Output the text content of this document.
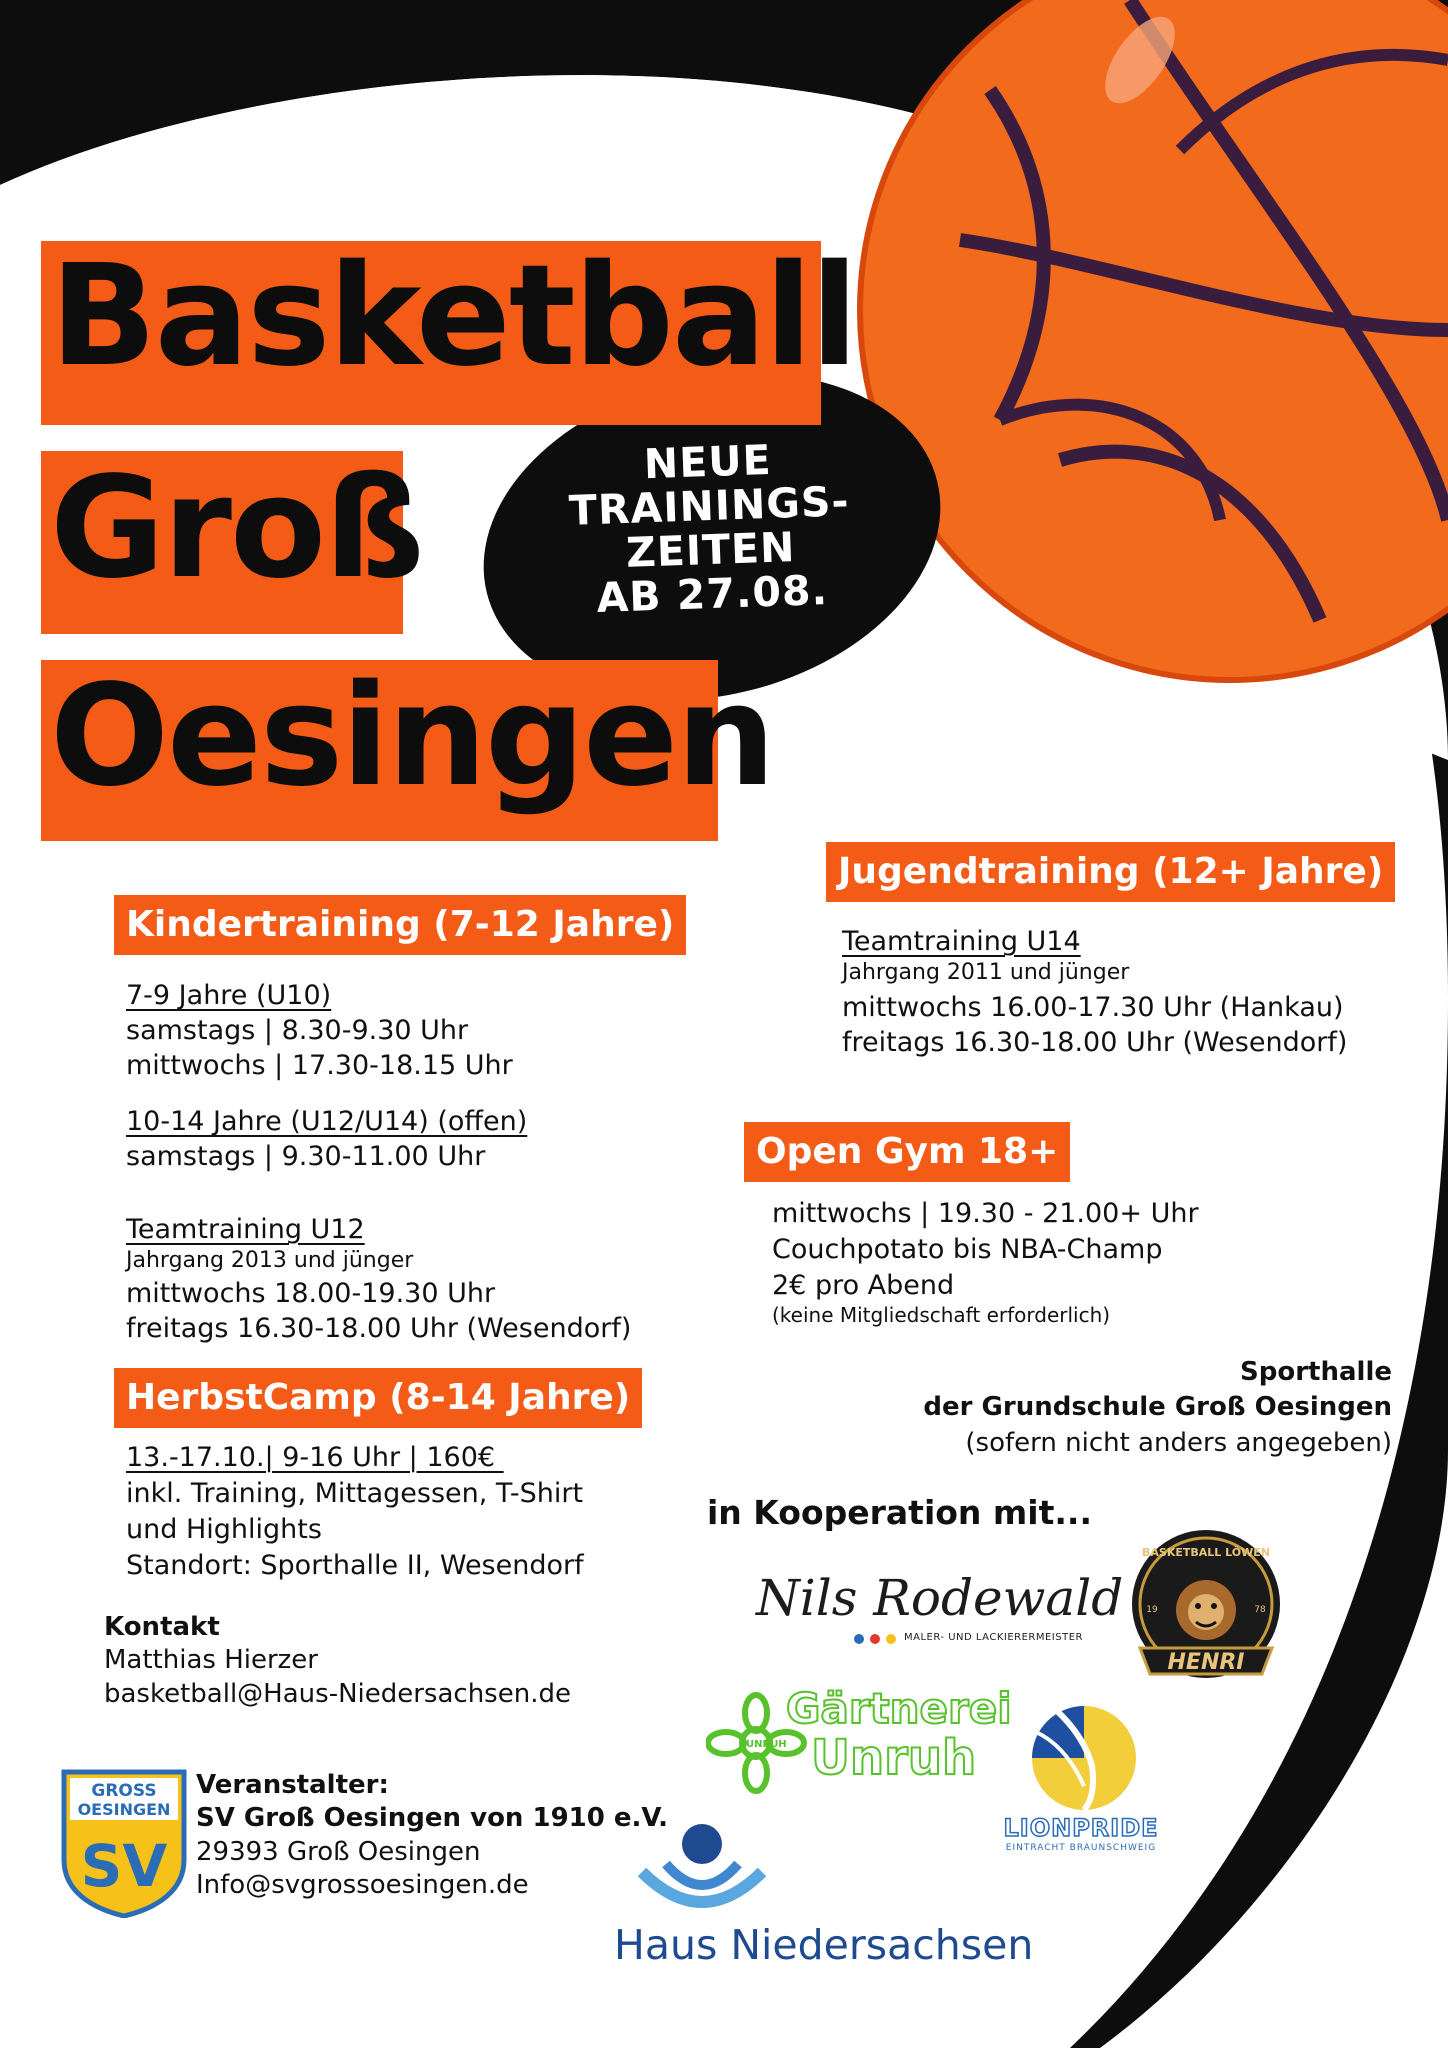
Basketball
Groß
Oesingen
NEUE
TRAININGS-
ZEITEN
AB 27.08.
Kindertraining (7-12 Jahre)
7-9 Jahre (U10)
samstags | 8.30-9.30 Uhr
mittwochs | 17.30-18.15 Uhr
10-14 Jahre (U12/U14) (offen)
samstags | 9.30-11.00 Uhr
Teamtraining U12
Jahrgang 2013 und jünger
mittwochs 18.00-19.30 Uhr
freitags 16.30-18.00 Uhr (Wesendorf)
HerbstCamp (8-14 Jahre)
13.-17.10.| 9-16 Uhr | 160€
inkl. Training, Mittagessen, T-Shirt
und Highlights
Standort: Sporthalle II, Wesendorf
Kontakt
Matthias Hierzer
basketball@Haus-Niedersachsen.de
GROSS
OESINGEN
SV
Veranstalter:
SV Groß Oesingen von 1910 e.V.
29393 Groß Oesingen
Info@svgrossoesingen.de
Jugendtraining (12+ Jahre)
Teamtraining U14
Jahrgang 2011 und jünger
mittwochs 16.00-17.30 Uhr (Hankau)
freitags 16.30-18.00 Uhr (Wesendorf)
Open Gym 18+
mittwochs | 19.30 - 21.00+ Uhr
Couchpotato bis NBA-Champ
2€ pro Abend
(keine Mitgliedschaft erforderlich)
Sporthalle
der Grundschule Groß Oesingen
(sofern nicht anders angegeben)
in Kooperation mit...
Nils Rodewald
MALER- UND LACKIERERMEISTER
HENRI
BASKETBALL LÖWEN
19	78
UNRUH
Gärtnerei
Unruh
LIONPRIDE
EINTRACHT BRAUNSCHWEIG
Haus Niedersachsen
